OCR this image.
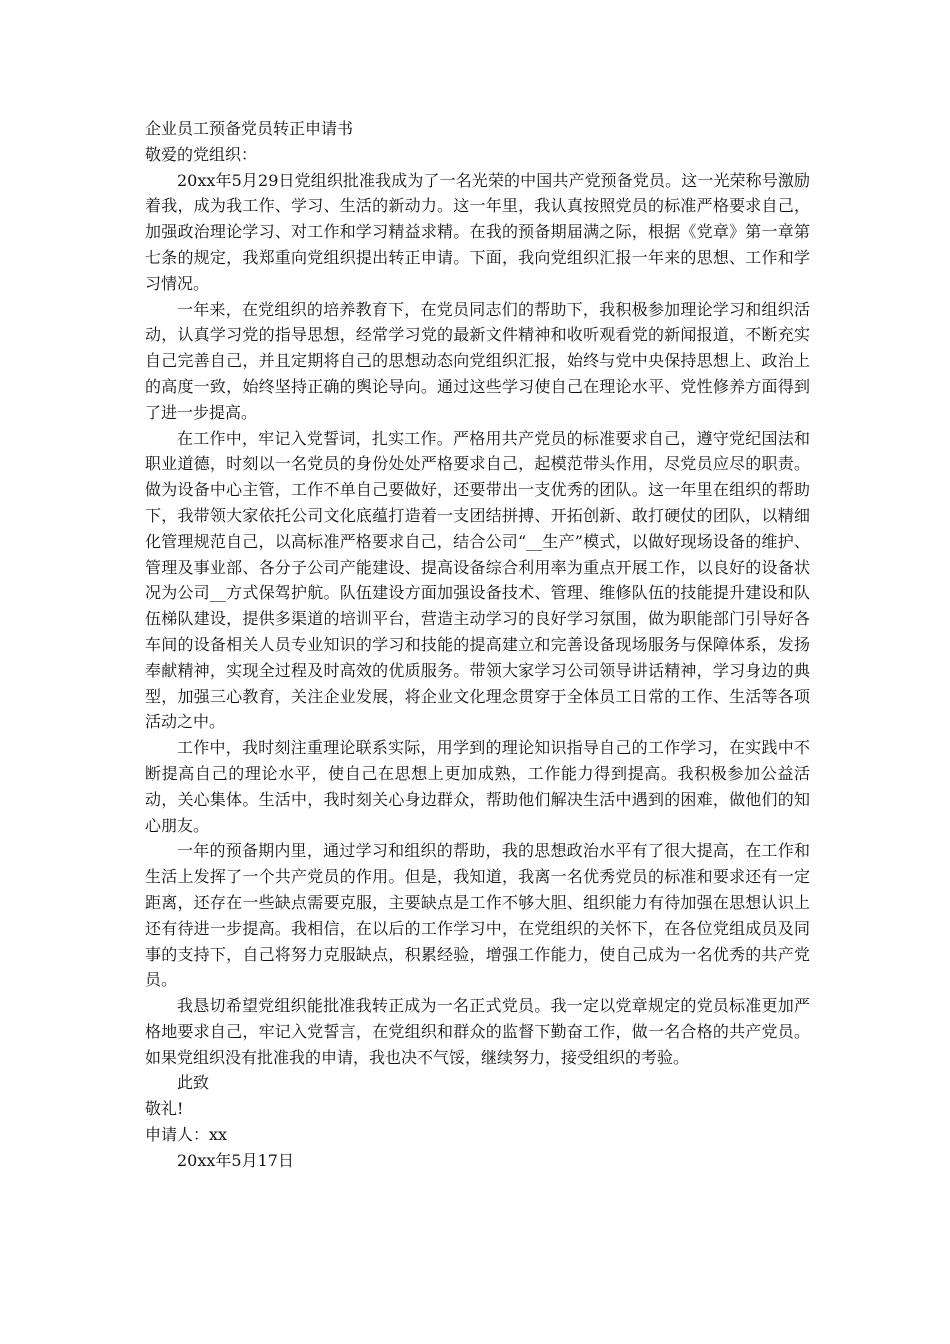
企业员工预备党员转正申请书

敬爱的党组织：

20xx年5月29日党组织批准我成为了一名光荣的中国共产党预备党员。这一光荣称号激励着我，成为我工作、学习、生活的新动力。这一年里，我认真按照党员的标准严格要求自己，加强政治理论学习、对工作和学习精益求精。在我的预备期届满之际，根据《党章》第一章第七条的规定，我郑重向党组织提出转正申请。下面，我向党组织汇报一年来的思想、工作和学习情况。

一年来，在党组织的培养教育下，在党员同志们的帮助下，我积极参加理论学习和组织活动，认真学习党的指导思想，经常学习党的最新文件精神和收听观看党的新闻报道，不断充实自己完善自己，并且定期将自己的思想动态向党组织汇报，始终与党中央保持思想上、政治上的高度一致，始终坚持正确的舆论导向。通过这些学习使自己在理论水平、党性修养方面得到了进一步提高。

在工作中，牢记入党誓词，扎实工作。严格用共产党员的标准要求自己，遵守党纪国法和职业道德，时刻以一名党员的身份处处严格要求自己，起模范带头作用，尽党员应尽的职责。做为设备中心主管，工作不单自己要做好，还要带出一支优秀的团队。这一年里在组织的帮助下，我带领大家依托公司文化底蕴打造着一支团结拼搏、开拓创新、敢打硬仗的团队，以精细化管理规范自己，以高标准严格要求自己，结合公司“__生产”模式，以做好现场设备的维护、管理及事业部、各分子公司产能建设、提高设备综合利用率为重点开展工作，以良好的设备状况为公司__方式保驾护航。队伍建设方面加强设备技术、管理、维修队伍的技能提升建设和队伍梯队建设，提供多渠道的培训平台，营造主动学习的良好学习氛围，做为职能部门引导好各车间的设备相关人员专业知识的学习和技能的提高建立和完善设备现场服务与保障体系，发扬奉献精神，实现全过程及时高效的优质服务。带领大家学习公司领导讲话精神，学习身边的典型，加强三心教育，关注企业发展，将企业文化理念贯穿于全体员工日常的工作、生活等各项活动之中。

工作中，我时刻注重理论联系实际，用学到的理论知识指导自己的工作学习，在实践中不断提高自己的理论水平，使自己在思想上更加成熟，工作能力得到提高。我积极参加公益活动，关心集体。生活中，我时刻关心身边群众，帮助他们解决生活中遇到的困难，做他们的知心朋友。

一年的预备期内里，通过学习和组织的帮助，我的思想政治水平有了很大提高，在工作和生活上发挥了一个共产党员的作用。但是，我知道，我离一名优秀党员的标准和要求还有一定距离，还存在一些缺点需要克服，主要缺点是工作不够大胆、组织能力有待加强在思想认识上还有待进一步提高。我相信，在以后的工作学习中，在党组织的关怀下，在各位党组成员及同事的支持下，自己将努力克服缺点，积累经验，增强工作能力，使自己成为一名优秀的共产党员。

我恳切希望党组织能批准我转正成为一名正式党员。我一定以党章规定的党员标准更加严格地要求自己，牢记入党誓言，在党组织和群众的监督下勤奋工作，做一名合格的共产党员。如果党组织没有批准我的申请，我也决不气馁，继续努力，接受组织的考验。

此致

敬礼!

申请人：xx

20xx年5月17日
